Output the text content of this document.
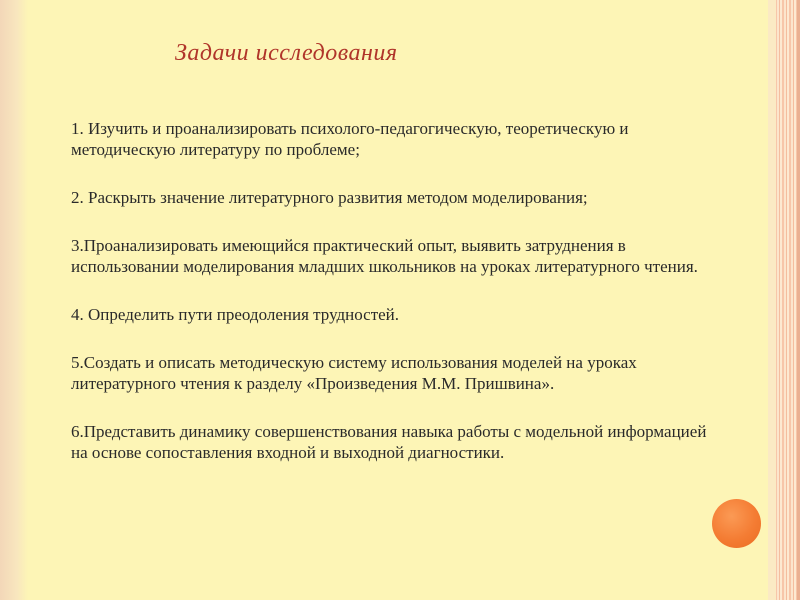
Задачи исследования
1. Изучить и проанализировать психолого-педагогическую, теоретическую и методическую литературу по проблеме;
2. Раскрыть значение литературного развития методом моделирования;
3.Проанализировать имеющийся практический опыт, выявить затруднения в использовании моделирования младших школьников на уроках литературного чтения.
4. Определить пути преодоления трудностей.
5.Создать и описать методическую систему использования моделей на уроках литературного чтения к разделу «Произведения М.М. Пришвина».
6.Представить динамику совершенствования навыка работы с модельной информацией на основе сопоставления входной и выходной диагностики.
